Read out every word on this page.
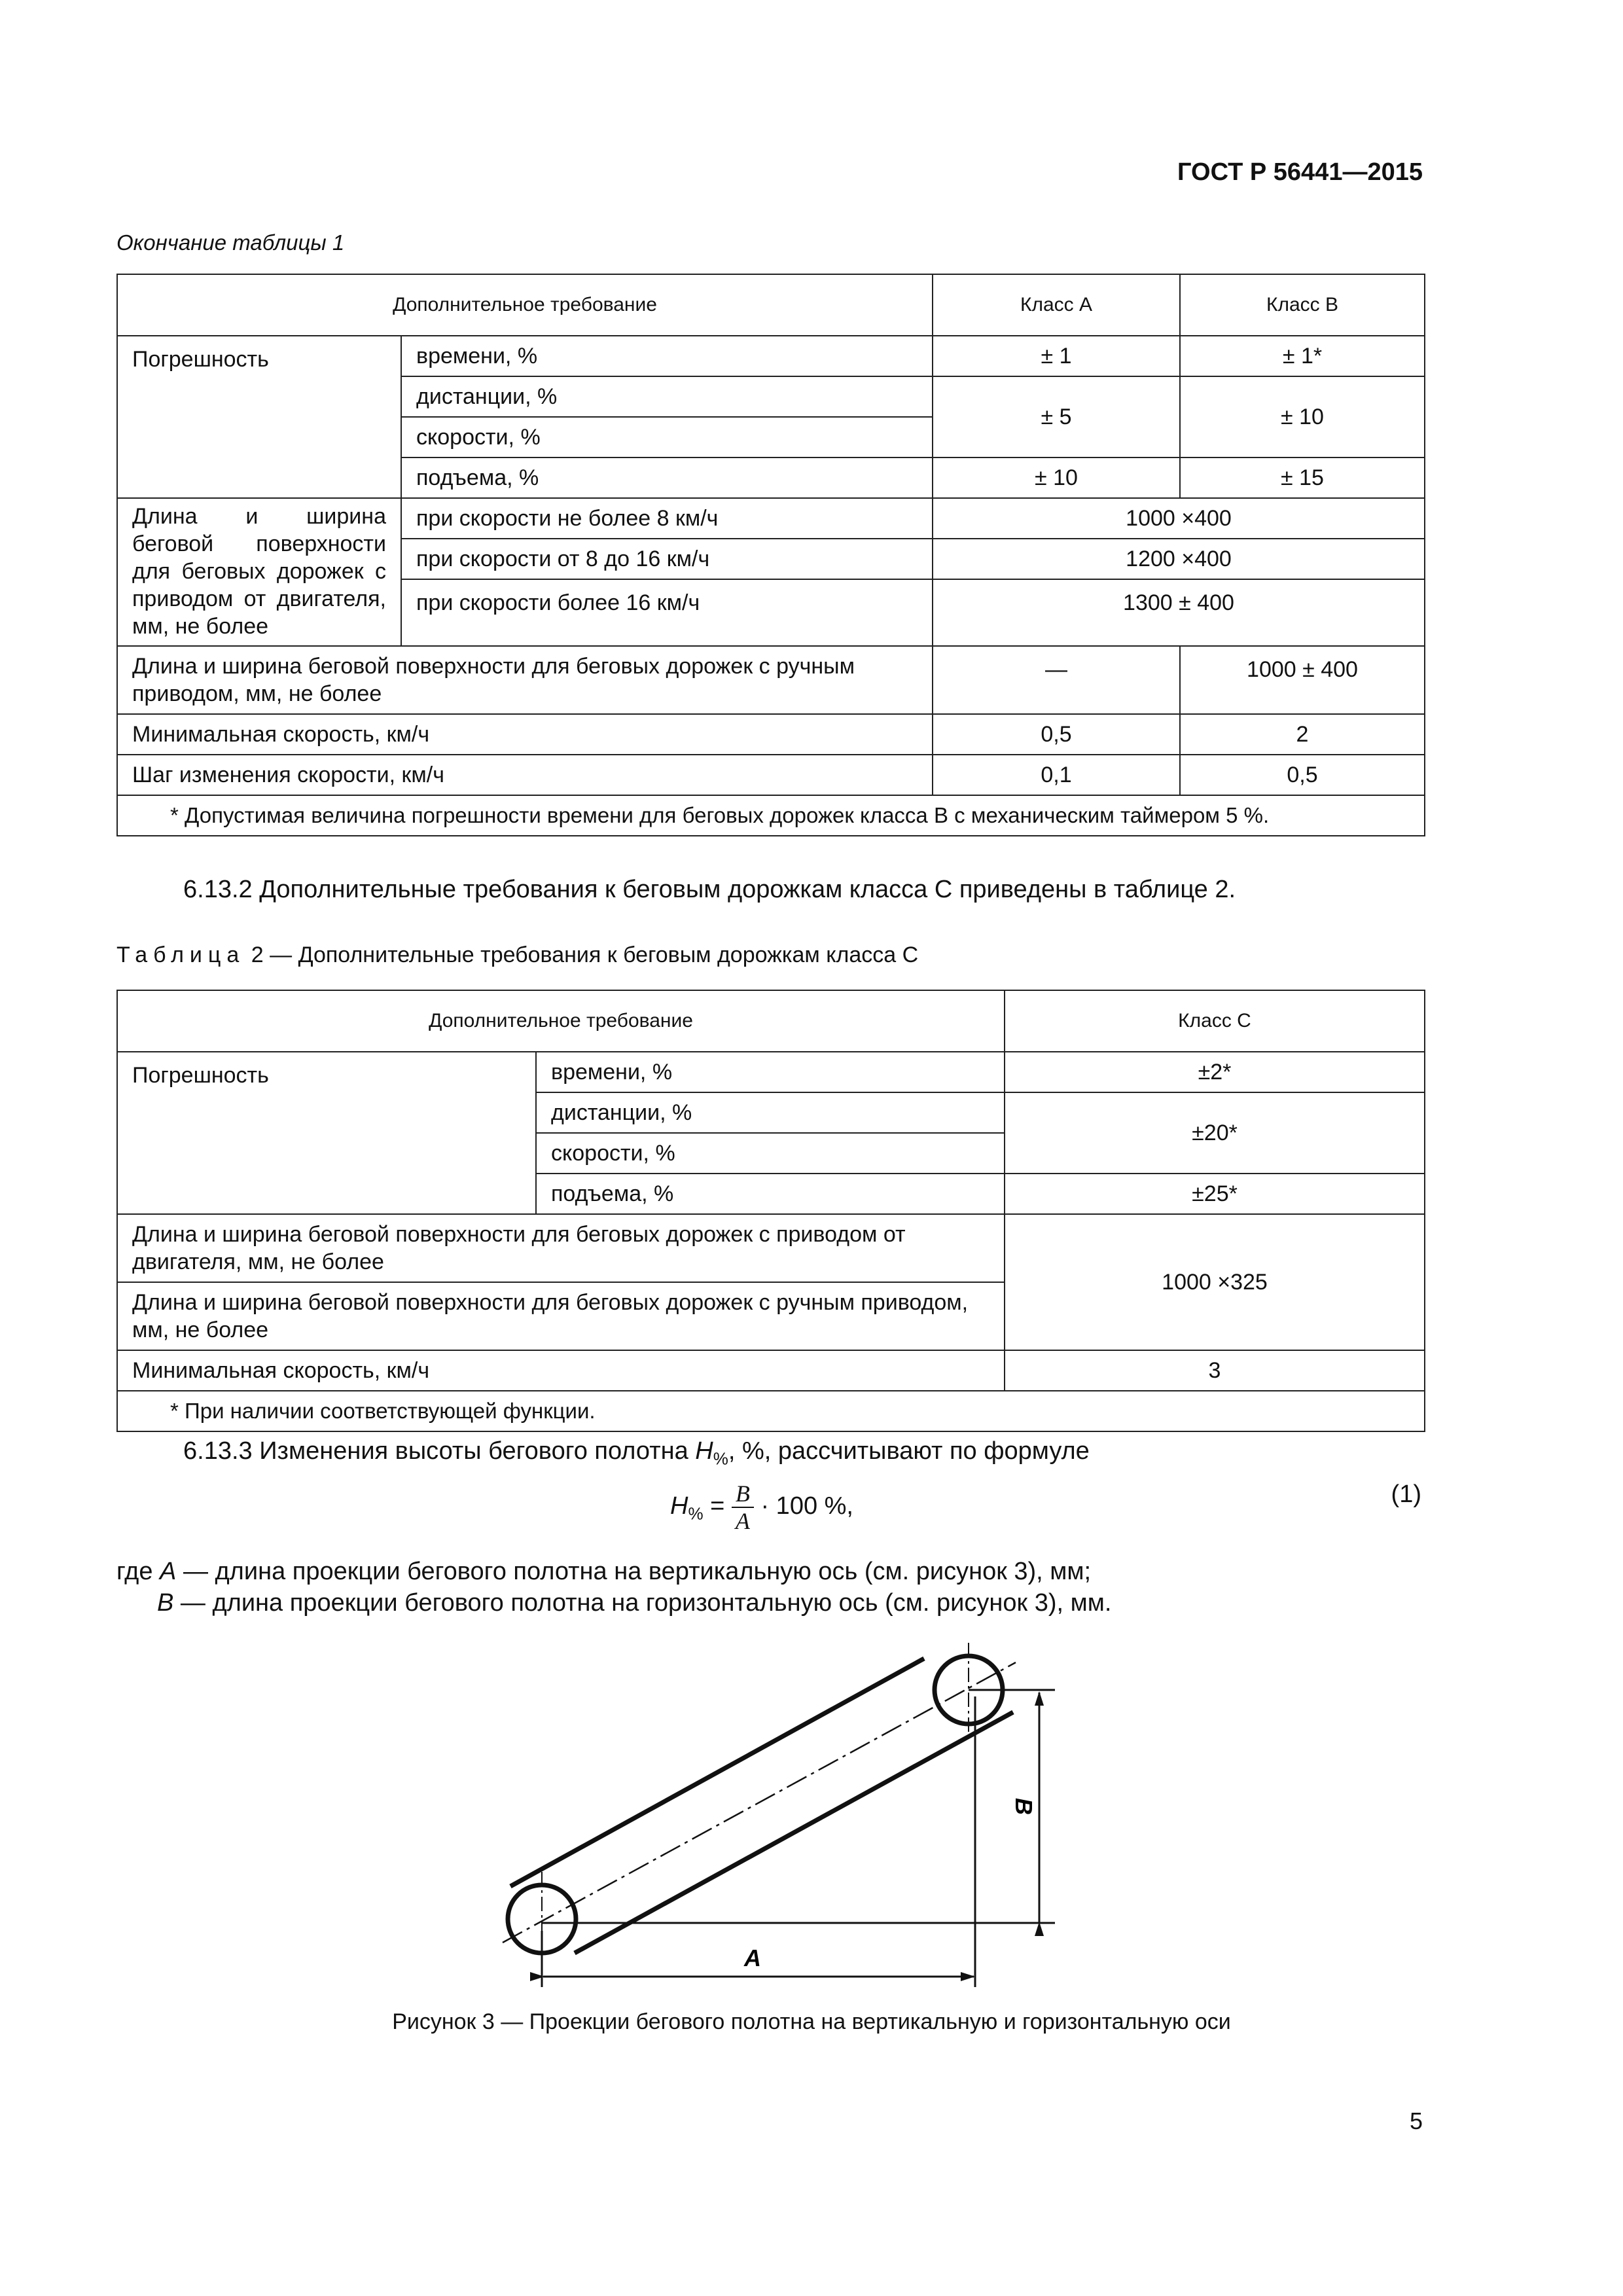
ГОСТ Р 56441—2015
Окончание таблицы 1
Дополнительное требование		Класс А	Класс В
Погрешность	времени, %	± 1	± 1*
	дистанции, %	± 5	± 10
	скорости, %		
	подъема, %	± 10	± 15

Длина и ширина беговой поверхности для беговых дорожек с приводом от двигателя, мм, не более	при скорости не более 8 км/ч	1000 ×400	
	при скорости от 8 до 16 км/ч	1200 ×400	
	при скорости более 16 км/ч	1300 ± 400	
Длина и ширина беговой поверхности для беговых дорожек с ручным приводом, мм, не более		—	1000 ± 400
Минимальная скорость, км/ч		0,5	2
Шаг изменения скорости, км/ч		0,1	0,5
* Допустимая величина погрешности времени для беговых дорожек класса В с механическим таймером 5 %.			
6.13.2 Дополнительные требования к беговым дорожкам класса С приведены в таблице 2.
Таблица 2 — Дополнительные требования к беговым дорожкам класса С
Дополнительное требование		Класс С
Погрешность	времени, %	±2*
	дистанции, %	±20*
	скорости, %	
	подъема, %	±25*
Длина и ширина беговой поверхности для беговых дорожек с приводом от двигателя, мм, не более		1000 ×325
Длина и ширина беговой поверхности для беговых дорожек с ручным приводом, мм, не более		
Минимальная скорость, км/ч		3
* При наличии соответствующей функции.		
6.13.3 Изменения высоты бегового полотна $H_{\%}$, %, рассчитывают по формуле
$H_{\%} = \frac{B}{A} \cdot 100$ %,	(1)
где A — длина проекции бегового полотна на вертикальную ось (см. рисунок 3), мм;
B — длина проекции бегового полотна на горизонтальную ось (см. рисунок 3), мм.
A
B
Рисунок 3 — Проекции бегового полотна на вертикальную и горизонтальную оси
5
